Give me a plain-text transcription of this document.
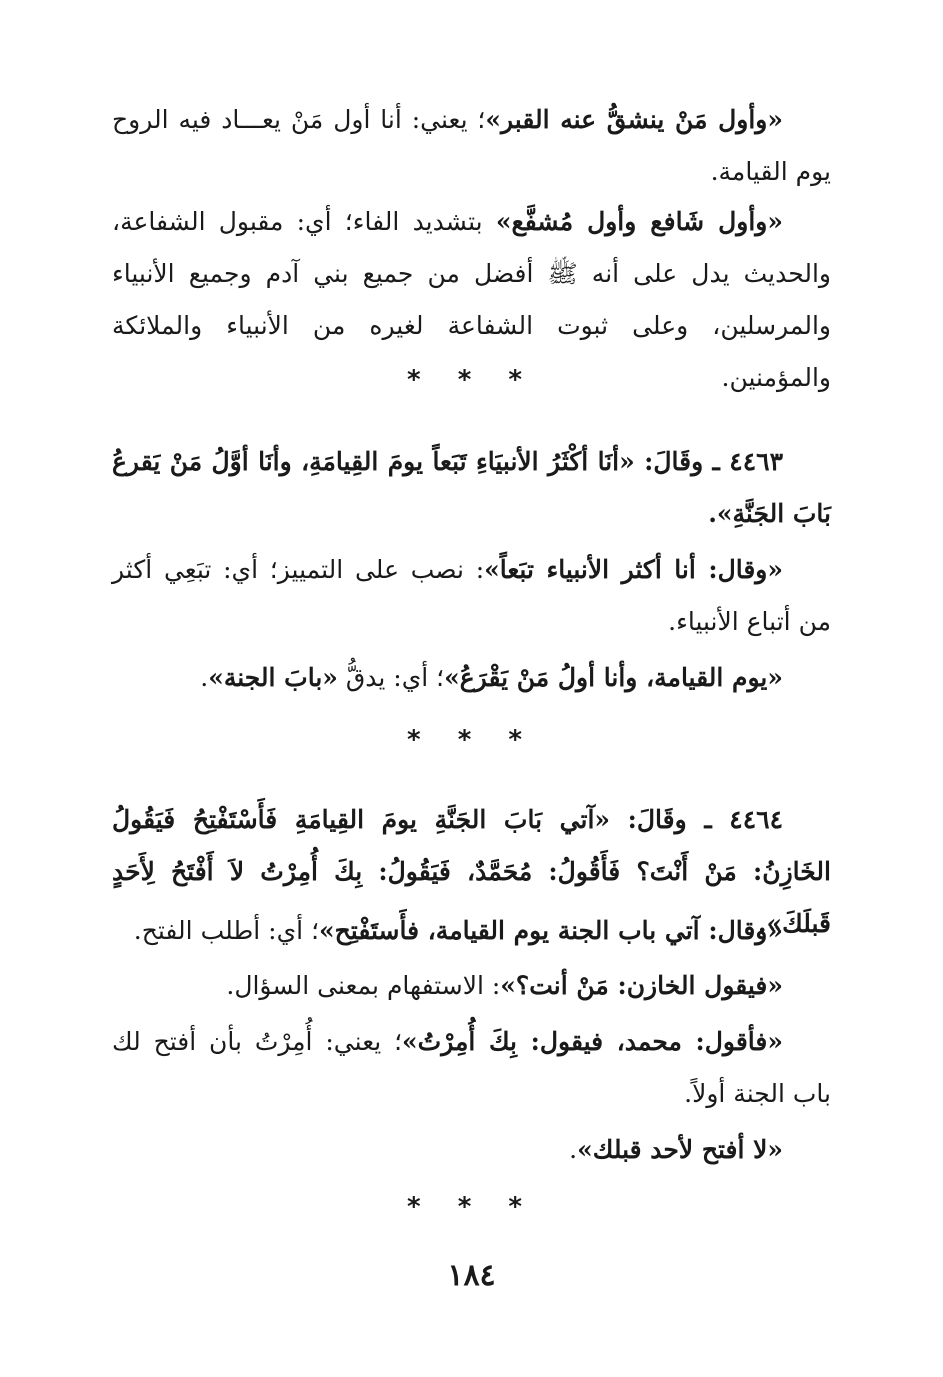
«وأول مَنْ ينشقُّ عنه القبر»؛ يعني: أنا أول مَنْ يعـــاد فيه الروح يوم القيامة.

«وأول شَافع وأول مُشفَّع» بتشديد الفاء؛ أي: مقبول الشفاعة، والحديث يدل على أنه ﷺ أفضل من جميع بني آدم وجميع الأنبياء والمرسلين، وعلى ثبوت الشفاعة لغيره من الأنبياء والملائكة والمؤمنين.

* * *

٤٤٦٣ ـ وقَالَ: «أنَا أكْثَرُ الأنبيَاءِ تَبَعاً يومَ القِيامَةِ، وأنَا أوَّلُ مَنْ يَقرعُ بَابَ الجَنَّةِ».

«وقال: أنا أكثر الأنبياء تبَعاً»: نصب على التمييز؛ أي: تبَعِي أكثر من أتباع الأنبياء.

«يوم القيامة، وأنا أولُ مَنْ يَقْرَعُ»؛ أي: يدقُّ «بابَ الجنة».

* * *

٤٤٦٤ ـ وقَالَ: «آتي بَابَ الجَنَّةِ يومَ القِيامَةِ فَأَسْتَفْتِحُ فَيَقُولُ الخَازِنُ: مَنْ أَنْتَ؟ فَأَقُولُ: مُحَمَّدٌ، فَيَقُولُ: بِكَ أُمِرْتُ لاَ أَفْتَحُ لِأَحَدٍ قَبلَكَ».

«وقال: آتي باب الجنة يوم القيامة، فأَستَفْتِح»؛ أي: أطلب الفتح.

«فيقول الخازن: مَنْ أنت؟»: الاستفهام بمعنى السؤال.

«فأقول: محمد، فيقول: بِكَ أُمِرْتُ»؛ يعني: أُمِرْتُ بأن أفتح لك باب الجنة أولاً.

«لا أفتح لأحد قبلك».

* * *
١٨٤
